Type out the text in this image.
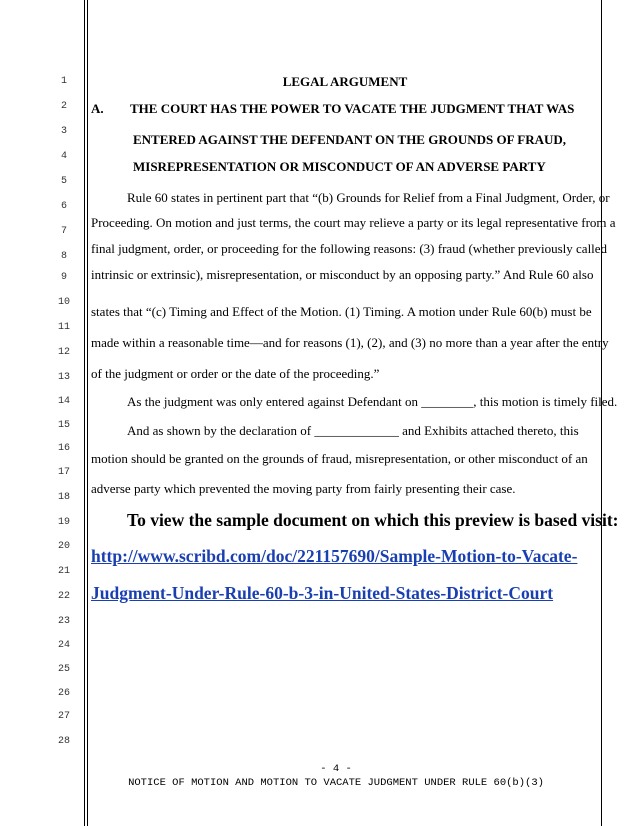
1
2
3
4
5
6
7
8
9
10
11
12
13
14
15
16
17
18
19
20
21
22
23
24
25
26
27
28
LEGAL ARGUMENT
A. THE COURT HAS THE POWER TO VACATE THE JUDGMENT THAT WAS
ENTERED AGAINST THE DEFENDANT ON THE GROUNDS OF FRAUD,
MISREPRESENTATION OR MISCONDUCT OF AN ADVERSE PARTY
Rule 60 states in pertinent part that “(b) Grounds for Relief from a Final Judgment, Order, or
Proceeding. On motion and just terms, the court may relieve a party or its legal representative from a
final judgment, order, or proceeding for the following reasons: (3) fraud (whether previously called
intrinsic or extrinsic), misrepresentation, or misconduct by an opposing party.” And Rule 60 also
states that “(c) Timing and Effect of the Motion. (1) Timing. A motion under Rule 60(b) must be
made within a reasonable time—and for reasons (1), (2), and (3) no more than a year after the entry
of the judgment or order or the date of the proceeding.”
As the judgment was only entered against Defendant on ________, this motion is timely filed.
And as shown by the declaration of _____________ and Exhibits attached thereto, this
motion should be granted on the grounds of fraud, misrepresentation, or other misconduct of an
adverse party which prevented the moving party from fairly presenting their case.
To view the sample document on which this preview is based visit:
http://www.scribd.com/doc/221157690/Sample-Motion-to-Vacate-
Judgment-Under-Rule-60-b-3-in-United-States-District-Court
- 4 -
NOTICE OF MOTION AND MOTION TO VACATE JUDGMENT UNDER RULE 60(b)(3)
